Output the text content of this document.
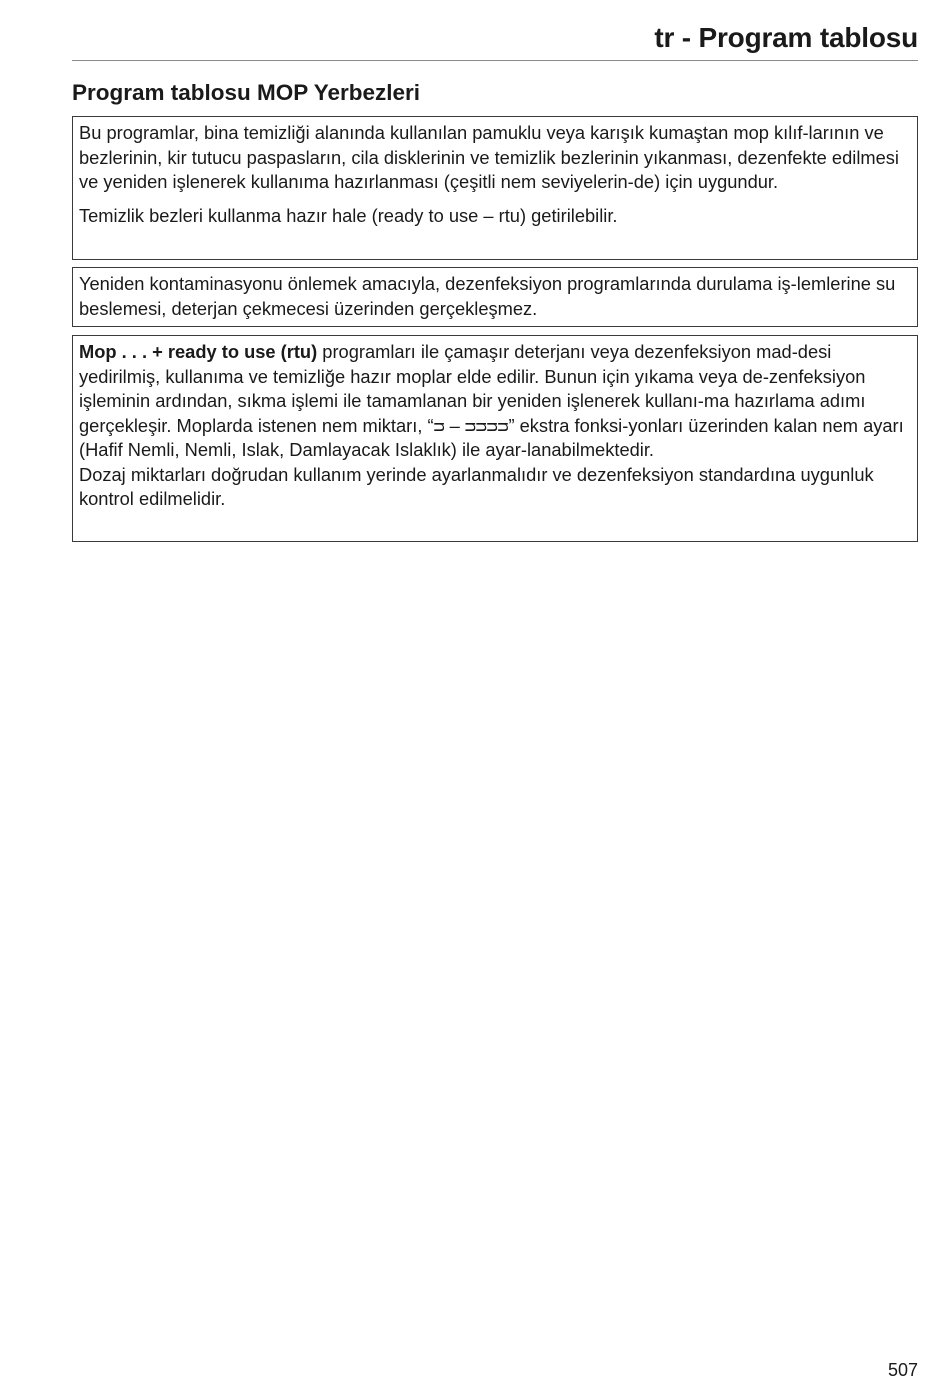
tr - Program tablosu
Program tablosu MOP Yerbezleri

Bu programlar, bina temizliği alanında kullanılan pamuklu veya karışık kumaştan mop kılıf-larının ve bezlerinin, kir tutucu paspasların, cila disklerinin ve temizlik bezlerinin yıkanması, dezenfekte edilmesi ve yeniden işlenerek kullanıma hazırlanması (çeşitli nem seviyelerin-de) için uygundur.

Temizlik bezleri kullanma hazır hale (ready to use – rtu) getirilebilir.

Yeniden kontaminasyonu önlemek amacıyla, dezenfeksiyon programlarında durulama iş-lemlerine su beslemesi, deterjan çekmecesi üzerinden gerçekleşmez.

Mop . . . + ready to use (rtu) programları ile çamaşır deterjanı veya dezenfeksiyon mad-desi yedirilmiş, kullanıma ve temizliğe hazır moplar elde edilir. Bunun için yıkama veya de-zenfeksiyon işleminin ardından, sıkma işlemi ile tamamlanan bir yeniden işlenerek kullanı-ma hazırlama adımı gerçekleşir. Moplarda istenen nem miktarı, “ᴝ – ᴝᴝᴝᴝ” ekstra fonksi-yonları üzerinden kalan nem ayarı (Hafif Nemli, Nemli, Islak, Damlayacak Islaklık) ile ayar-lanabilmektedir.

Dozaj miktarları doğrudan kullanım yerinde ayarlanmalıdır ve dezenfeksiyon standardına uygunluk kontrol edilmelidir.

507
